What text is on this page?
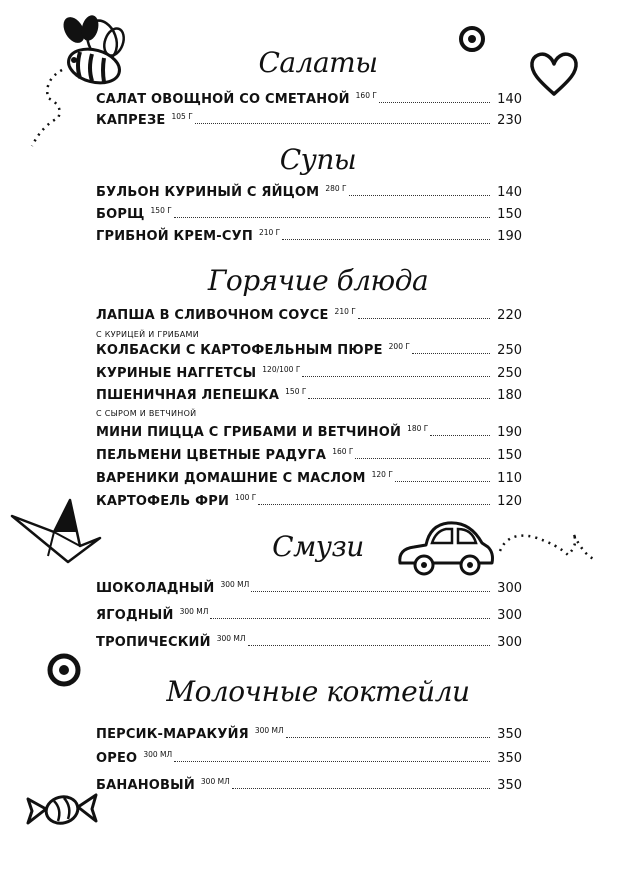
Салаты
САЛАТ ОВОЩНОЙ СО СМЕТАНОЙ 160 Г	140
КАПРЕЗЕ 105 Г	230
Супы
БУЛЬОН КУРИНЫЙ С ЯЙЦОМ 280 Г	140
БОРЩ 150 Г	150
ГРИБНОЙ КРЕМ-СУП 210 Г	190
Горячие блюда
ЛАПША В СЛИВОЧНОМ СОУСЕ 210 Г	220
С КУРИЦЕЙ И ГРИБАМИ
КОЛБАСКИ С КАРТОФЕЛЬНЫМ ПЮРЕ 200 Г	250
КУРИНЫЕ НАГГЕТСЫ 120/100 Г	250
ПШЕНИЧНАЯ ЛЕПЕШКА 150 Г	180
С СЫРОМ И ВЕТЧИНОЙ
МИНИ ПИЦЦА С ГРИБАМИ И ВЕТЧИНОЙ 180 Г	190
ПЕЛЬМЕНИ ЦВЕТНЫЕ РАДУГА 160 Г	150
ВАРЕНИКИ ДОМАШНИЕ С МАСЛОМ 120 Г	110
КАРТОФЕЛЬ ФРИ 100 Г	120
Смузи
ШОКОЛАДНЫЙ 300 МЛ	300
ЯГОДНЫЙ 300 МЛ	300
ТРОПИЧЕСКИЙ 300 МЛ	300
Молочные коктейли
ПЕРСИК-МАРАКУЙЯ 300 МЛ	350
ОРЕО 300 МЛ	350
БАНАНОВЫЙ 300 МЛ	350
